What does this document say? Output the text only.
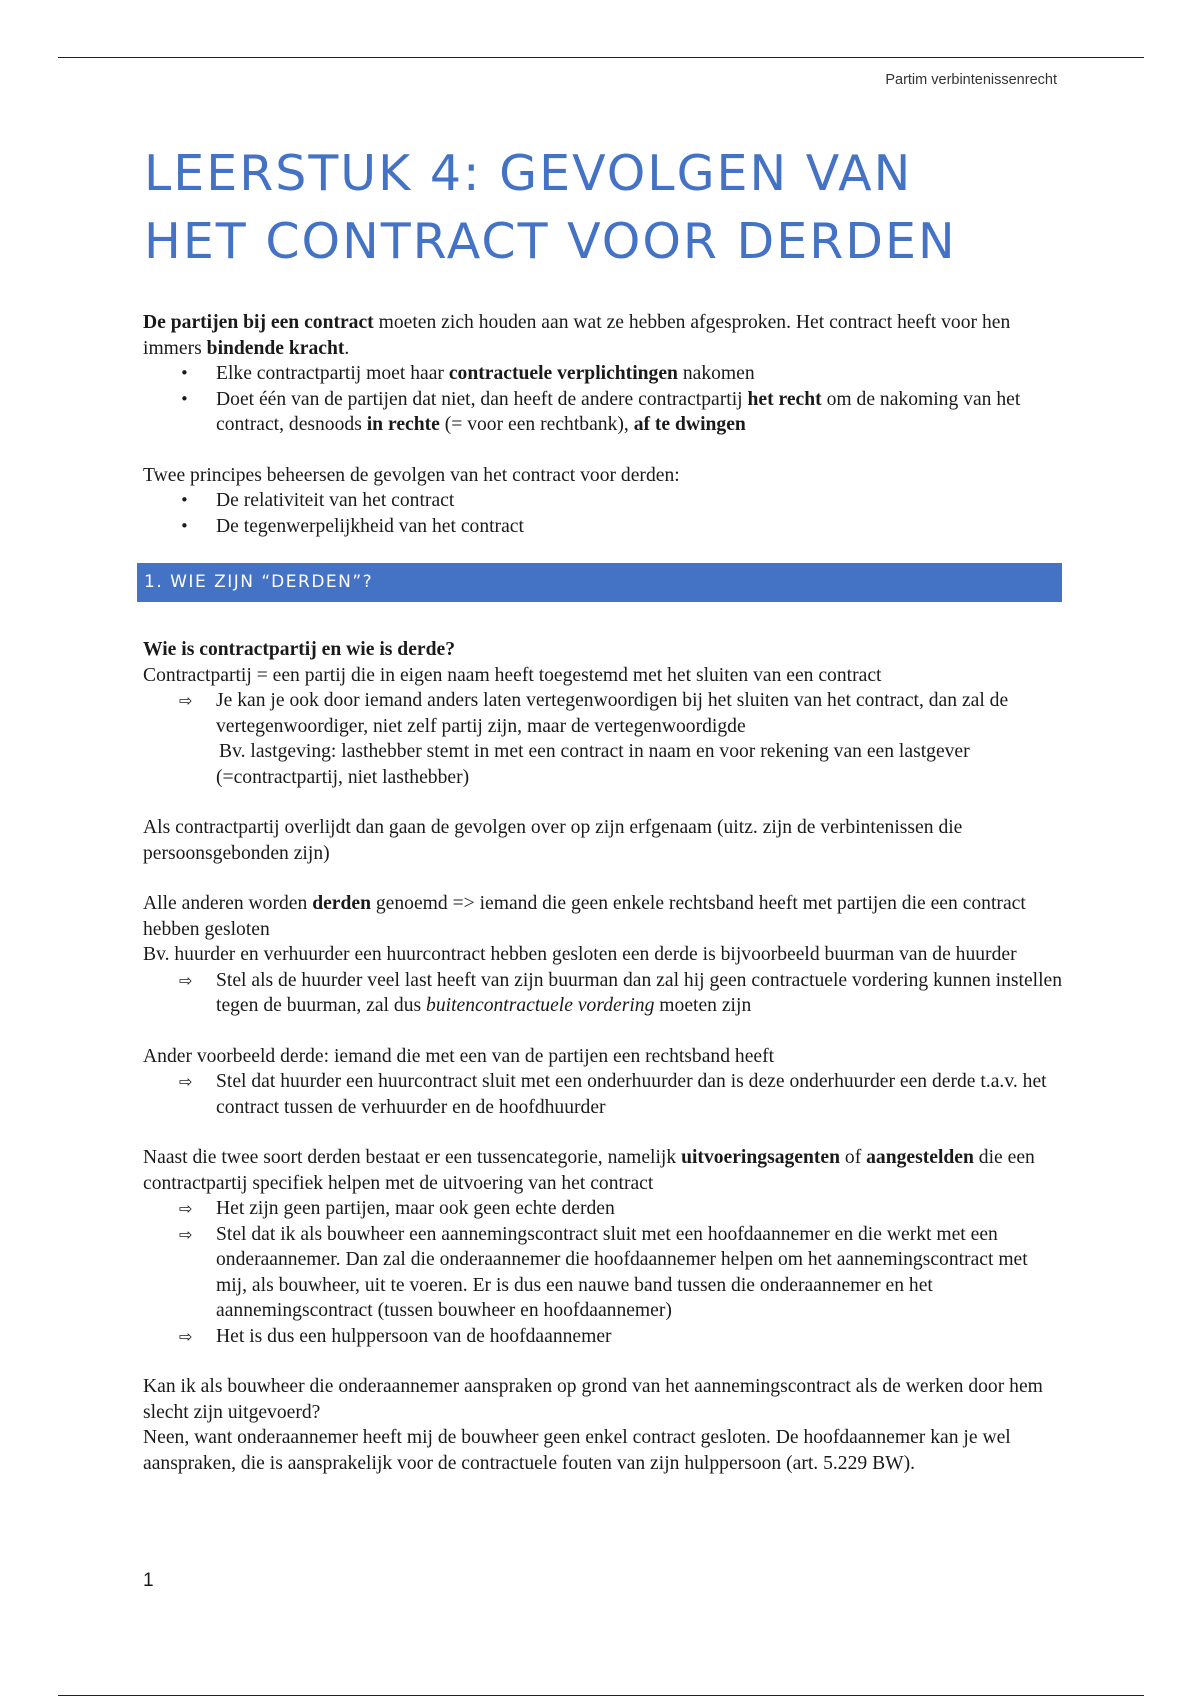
Partim verbintenissenrecht
LEERSTUK 4: GEVOLGEN VAN
HET CONTRACT VOOR DERDEN

De partijen bij een contract moeten zich houden aan wat ze hebben afgesproken. Het contract heeft voor hen immers bindende kracht.

• Elke contractpartij moet haar contractuele verplichtingen nakomen
• Doet één van de partijen dat niet, dan heeft de andere contractpartij het recht om de nakoming van het contract, desnoods in rechte (= voor een rechtbank), af te dwingen

Twee principes beheersen de gevolgen van het contract voor derden:

• De relativiteit van het contract
• De tegenwerpelijkheid van het contract
1. WIE ZIJN “DERDEN”?

Wie is contractpartij en wie is derde?

Contractpartij = een partij die in eigen naam heeft toegestemd met het sluiten van een contract

⇨ Je kan je ook door iemand anders laten vertegenwoordigen bij het sluiten van het contract, dan zal de vertegenwoordiger, niet zelf partij zijn, maar de vertegenwoordigde
Bv. lastgeving: lasthebber stemt in met een contract in naam en voor rekening van een lastgever (=contractpartij, niet lasthebber)

Als contractpartij overlijdt dan gaan de gevolgen over op zijn erfgenaam (uitz. zijn de verbintenissen die persoonsgebonden zijn)

Alle anderen worden derden genoemd => iemand die geen enkele rechtsband heeft met partijen die een contract hebben gesloten

Bv. huurder en verhuurder een huurcontract hebben gesloten een derde is bijvoorbeeld buurman van de huurder

⇨ Stel als de huurder veel last heeft van zijn buurman dan zal hij geen contractuele vordering kunnen instellen tegen de buurman, zal dus buitencontractuele vordering moeten zijn

Ander voorbeeld derde: iemand die met een van de partijen een rechtsband heeft

⇨ Stel dat huurder een huurcontract sluit met een onderhuurder dan is deze onderhuurder een derde t.a.v. het contract tussen de verhuurder en de hoofdhuurder

Naast die twee soort derden bestaat er een tussencategorie, namelijk uitvoeringsagenten of aangestelden die een contractpartij specifiek helpen met de uitvoering van het contract

⇨ Het zijn geen partijen, maar ook geen echte derden
⇨ Stel dat ik als bouwheer een aannemingscontract sluit met een hoofdaannemer en die werkt met een onderaannemer. Dan zal die onderaannemer die hoofdaannemer helpen om het aannemingscontract met mij, als bouwheer, uit te voeren. Er is dus een nauwe band tussen die onderaannemer en het aannemingscontract (tussen bouwheer en hoofdaannemer)
⇨ Het is dus een hulppersoon van de hoofdaannemer

Kan ik als bouwheer die onderaannemer aanspraken op grond van het aannemingscontract als de werken door hem slecht zijn uitgevoerd?

Neen, want onderaannemer heeft mij de bouwheer geen enkel contract gesloten. De hoofdaannemer kan je wel aanspraken, die is aansprakelijk voor de contractuele fouten van zijn hulppersoon (art. 5.229 BW).

1
